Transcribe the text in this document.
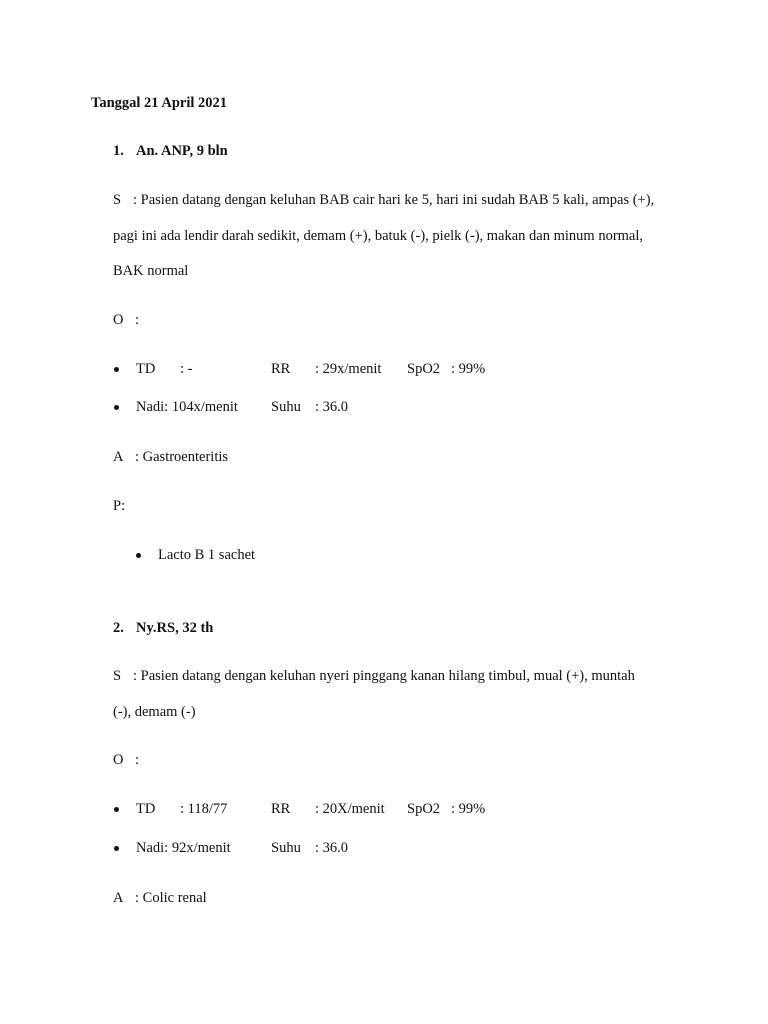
Tanggal 21 April 2021
1. An. ANP, 9 bln
S : Pasien datang dengan keluhan BAB cair hari ke 5, hari ini sudah BAB 5 kali, ampas (+),
pagi ini ada lendir darah sedikit, demam (+), batuk (-), pielk (-), makan dan minum normal,
BAK normal
O :
TD : -	RR : 29x/menit SpO2 : 99%
Nadi: 104x/menit Suhu : 36.0
A : Gastroenteritis
P:
Lacto B 1 sachet
2. Ny.RS, 32 th
S : Pasien datang dengan keluhan nyeri pinggang kanan hilang timbul, mual (+), muntah
(-), demam (-)
O :
TD : 118/77	RR : 20X/menit SpO2 : 99%
Nadi: 92x/menit	Suhu : 36.0
A : Colic renal
